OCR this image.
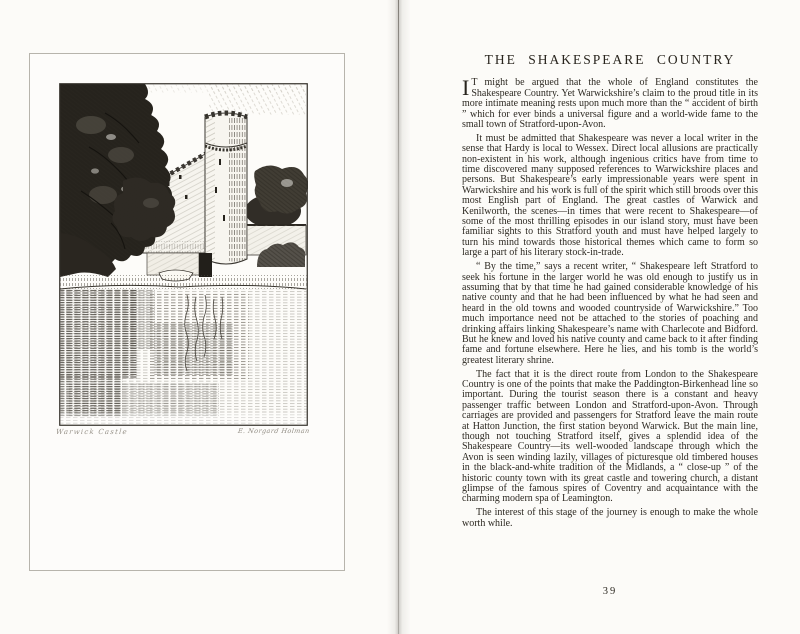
Warwick Castle	E. Norgard Holman
THE SHAKESPEARE COUNTRY

I T might be argued that the whole of England constitutes the Shakespeare Country. Yet Warwickshire’s claim to the proud title in its more intimate meaning rests upon much more than the “ accident of birth ” which for ever binds a universal figure and a world-wide fame to the small town of Stratford-upon-Avon.

It must be admitted that Shakespeare was never a local writer in the sense that Hardy is local to Wessex. Direct local allusions are practically non-existent in his work, although ingenious critics have from time to time discovered many supposed references to Warwickshire places and persons. But Shakespeare’s early impressionable years were spent in Warwickshire and his work is full of the spirit which still broods over this most English part of England. The great castles of Warwick and Kenilworth, the scenes—in times that were recent to Shakespeare—of some of the most thrilling episodes in our island story, must have been familiar sights to this Stratford youth and must have helped largely to turn his mind towards those historical themes which came to form so large a part of his literary stock-in-trade.

“ By the time,” says a recent writer, “ Shakespeare left Stratford to seek his fortune in the larger world he was old enough to justify us in assuming that by that time he had gained considerable knowledge of his native county and that he had been influenced by what he had seen and heard in the old towns and wooded countryside of Warwickshire.” Too much importance need not be attached to the stories of poaching and drinking affairs linking Shakespeare’s name with Charlecote and Bidford. But he knew and loved his native county and came back to it after finding fame and fortune elsewhere. Here he lies, and his tomb is the world’s greatest literary shrine.

The fact that it is the direct route from London to the Shakespeare Country is one of the points that make the Paddington-Birkenhead line so important. During the tourist season there is a constant and heavy passenger traffic between London and Stratford-upon-Avon. Through carriages are provided and passengers for Stratford leave the main route at Hatton Junction, the first station beyond Warwick. But the main line, though not touching Stratford itself, gives a splendid idea of the Shakespeare Country—its well-wooded landscape through which the Avon is seen winding lazily, villages of picturesque old timbered houses in the black-and-white tradition of the Midlands, a “ close-up ” of the historic county town with its great castle and towering church, a distant glimpse of the famous spires of Coventry and acquaintance with the charming modern spa of Leamington.

The interest of this stage of the journey is enough to make the whole worth while.

39
